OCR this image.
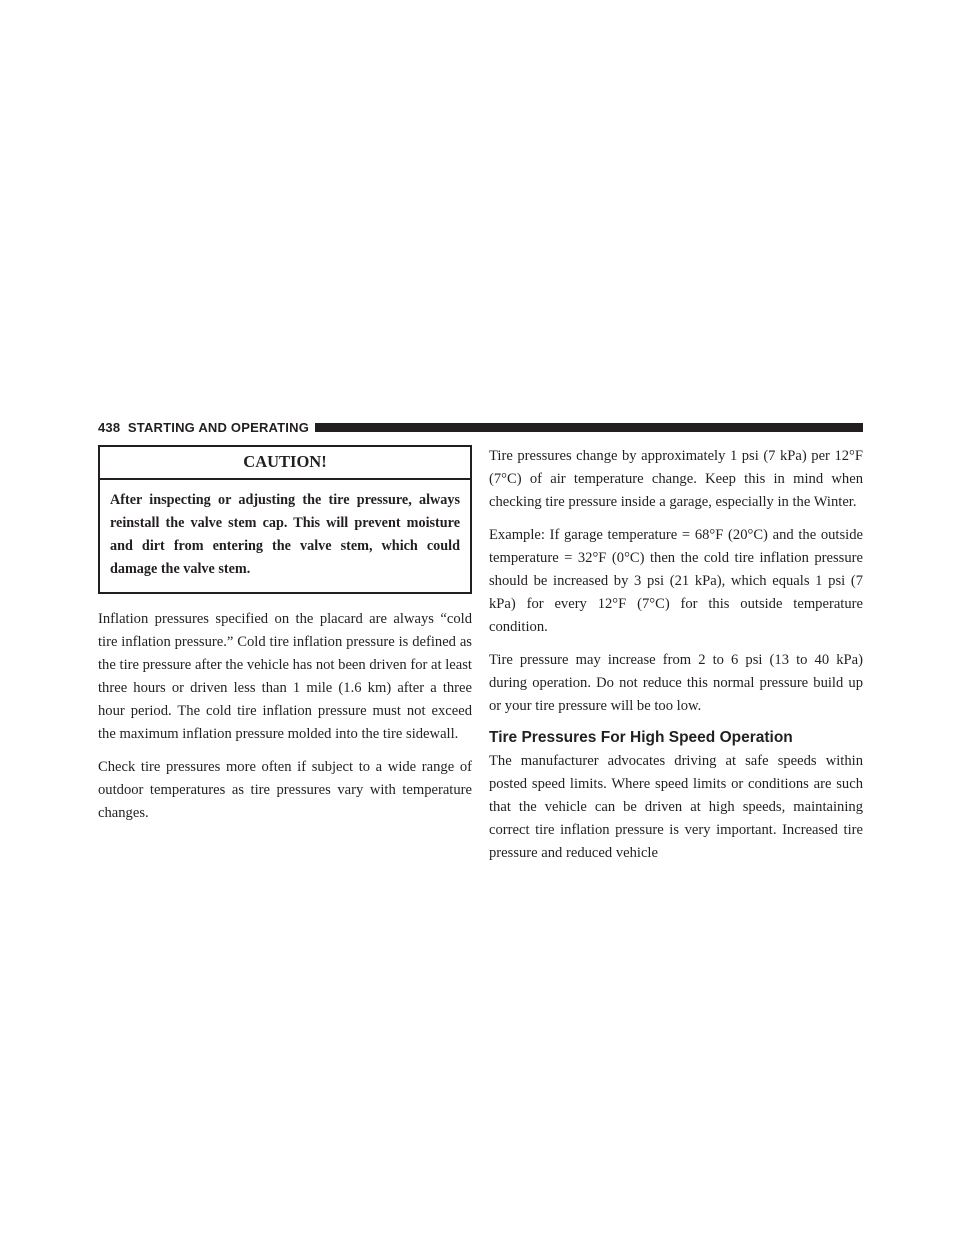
438 STARTING AND OPERATING
CAUTION!
After inspecting or adjusting the tire pressure, always reinstall the valve stem cap. This will prevent moisture and dirt from entering the valve stem, which could damage the valve stem.

Inflation pressures specified on the placard are always “cold tire inflation pressure.” Cold tire inflation pressure is defined as the tire pressure after the vehicle has not been driven for at least three hours or driven less than 1 mile (1.6 km) after a three hour period. The cold tire inflation pressure must not exceed the maximum inflation pressure molded into the tire sidewall.

Check tire pressures more often if subject to a wide range of outdoor temperatures as tire pressures vary with temperature changes.

Tire pressures change by approximately 1 psi (7 kPa) per 12°F (7°C) of air temperature change. Keep this in mind when checking tire pressure inside a garage, especially in the Winter.

Example: If garage temperature = 68°F (20°C) and the outside temperature = 32°F (0°C) then the cold tire inflation pressure should be increased by 3 psi (21 kPa), which equals 1 psi (7 kPa) for every 12°F (7°C) for this outside temperature condition.

Tire pressure may increase from 2 to 6 psi (13 to 40 kPa) during operation. Do not reduce this normal pressure build up or your tire pressure will be too low.

Tire Pressures For High Speed Operation

The manufacturer advocates driving at safe speeds within posted speed limits. Where speed limits or conditions are such that the vehicle can be driven at high speeds, maintaining correct tire inflation pressure is very important. Increased tire pressure and reduced vehicle
